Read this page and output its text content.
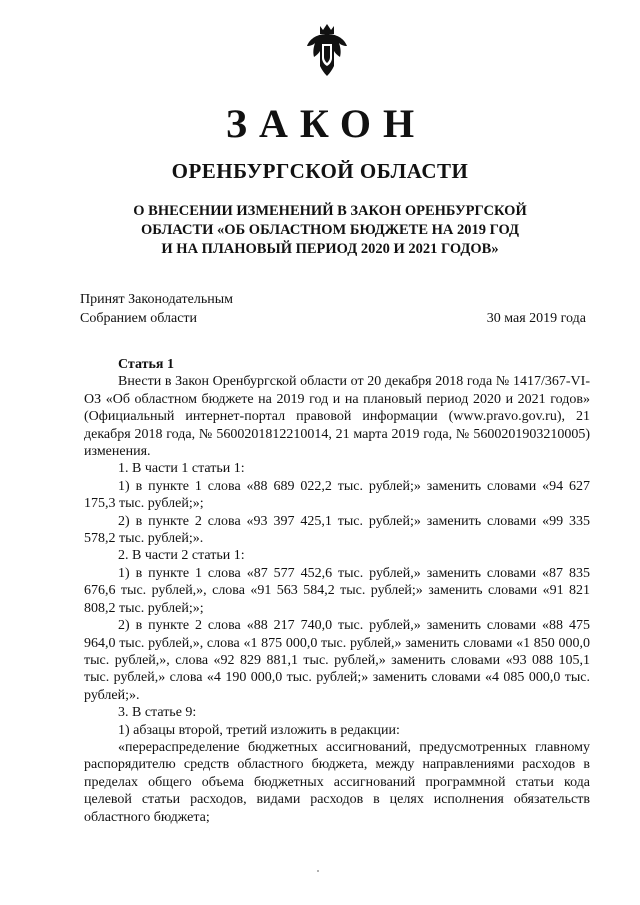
ЗАКОН
ОРЕНБУРГСКОЙ ОБЛАСТИ
О ВНЕСЕНИИ ИЗМЕНЕНИЙ В ЗАКОН ОРЕНБУРГСКОЙ
ОБЛАСТИ «ОБ ОБЛАСТНОМ БЮДЖЕТЕ НА 2019 ГОД
И НА ПЛАНОВЫЙ ПЕРИОД 2020 И 2021 ГОДОВ»
Принят Законодательным
Собранием области	30 мая 2019 года

Статья 1

Внести в Закон Оренбургской области от 20 декабря 2018 года № 1417/367-VI-ОЗ «Об областном бюджете на 2019 год и на плановый период 2020 и 2021 годов» (Официальный интернет-портал правовой информации (www.pravo.gov.ru), 21 декабря 2018 года, № 5600201812210014, 21 марта 2019 года, № 5600201903210005) изменения.

1. В части 1 статьи 1:

1) в пункте 1 слова «88 689 022,2 тыс. рублей;» заменить словами «94 627 175,3 тыс. рублей;»;

2) в пункте 2 слова «93 397 425,1 тыс. рублей;» заменить словами «99 335 578,2 тыс. рублей;».

2. В части 2 статьи 1:

1) в пункте 1 слова «87 577 452,6 тыс. рублей,» заменить словами «87 835 676,6 тыс. рублей,», слова «91 563 584,2 тыс. рублей;» заменить словами «91 821 808,2 тыс. рублей;»;

2) в пункте 2 слова «88 217 740,0 тыс. рублей,» заменить словами «88 475 964,0 тыс. рублей,», слова «1 875 000,0 тыс. рублей,» заменить словами «1 850 000,0 тыс. рублей,», слова «92 829 881,1 тыс. рублей,» заменить словами «93 088 105,1 тыс. рублей,» слова «4 190 000,0 тыс. рублей;» заменить словами «4 085 000,0 тыс. рублей;».

3. В статье 9:

1) абзацы второй, третий изложить в редакции:

«перераспределение бюджетных ассигнований, предусмотренных главному распорядителю средств областного бюджета, между направлениями расходов в пределах общего объема бюджетных ассигнований программной статьи кода целевой статьи расходов, видами расходов в целях исполнения обязательств областного бюджета;
